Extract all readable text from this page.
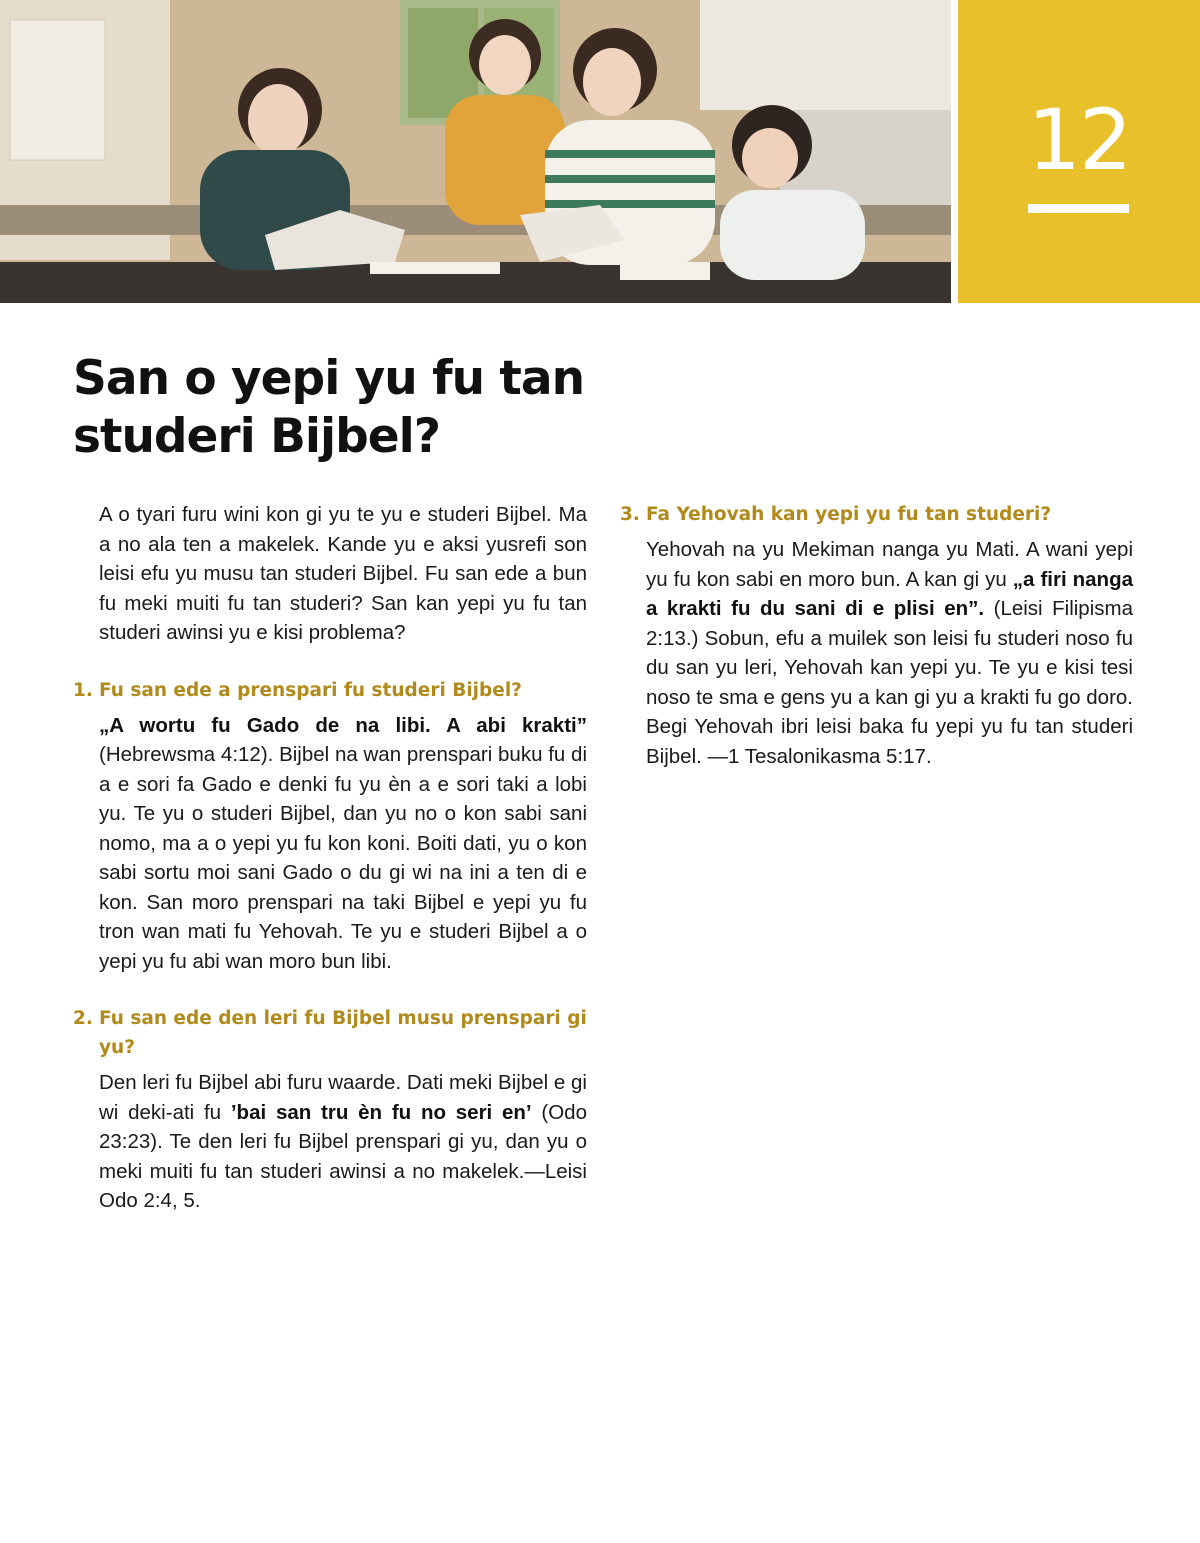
12
San o yepi yu fu tan studeri Bijbel?

A o tyari furu wini kon gi yu te yu e studeri Bijbel. Ma a no ala ten a makelek. Kande yu e aksi yusrefi son leisi efu yu musu tan studeri Bijbel. Fu san ede a bun fu meki muiti fu tan studeri? San kan yepi yu fu tan studeri awinsi yu e kisi problema?

1. Fu san ede a prenspari fu studeri Bijbel?

„A wortu fu Gado de na libi. A abi krakti” (Hebrewsma 4:12). Bijbel na wan prenspari buku fu di a e sori fa Gado e denki fu yu èn a e sori taki a lobi yu. Te yu o studeri Bijbel, dan yu no o kon sabi sani nomo, ma a o yepi yu fu kon koni. Boiti dati, yu o kon sabi sortu moi sani Gado o du gi wi na ini a ten di e kon. San moro prenspari na taki Bijbel e yepi yu fu tron wan mati fu Yehovah. Te yu e studeri Bijbel a o yepi yu fu abi wan moro bun libi.

2. Fu san ede den leri fu Bijbel musu prenspari gi yu?

Den leri fu Bijbel abi furu waarde. Dati meki Bijbel e gi wi deki-ati fu ’bai san tru èn fu no seri en’ (Odo 23:23). Te den leri fu Bijbel prenspari gi yu, dan yu o meki muiti fu tan studeri awinsi a no makelek.—Leisi Odo 2:4, 5.

3. Fa Yehovah kan yepi yu fu tan studeri?

Yehovah na yu Mekiman nanga yu Mati. A wani yepi yu fu kon sabi en moro bun. A kan gi yu „a firi nanga a krakti fu du sani di e plisi en”. (Leisi Filipisma 2:13.) Sobun, efu a muilek son leisi fu studeri noso fu du san yu leri, Yehovah kan yepi yu. Te yu e kisi tesi noso te sma e gens yu a kan gi yu a krakti fu go doro. Begi Yehovah ibri leisi baka fu yepi yu fu tan studeri Bijbel. —1 Tesalonikasma 5:17.
